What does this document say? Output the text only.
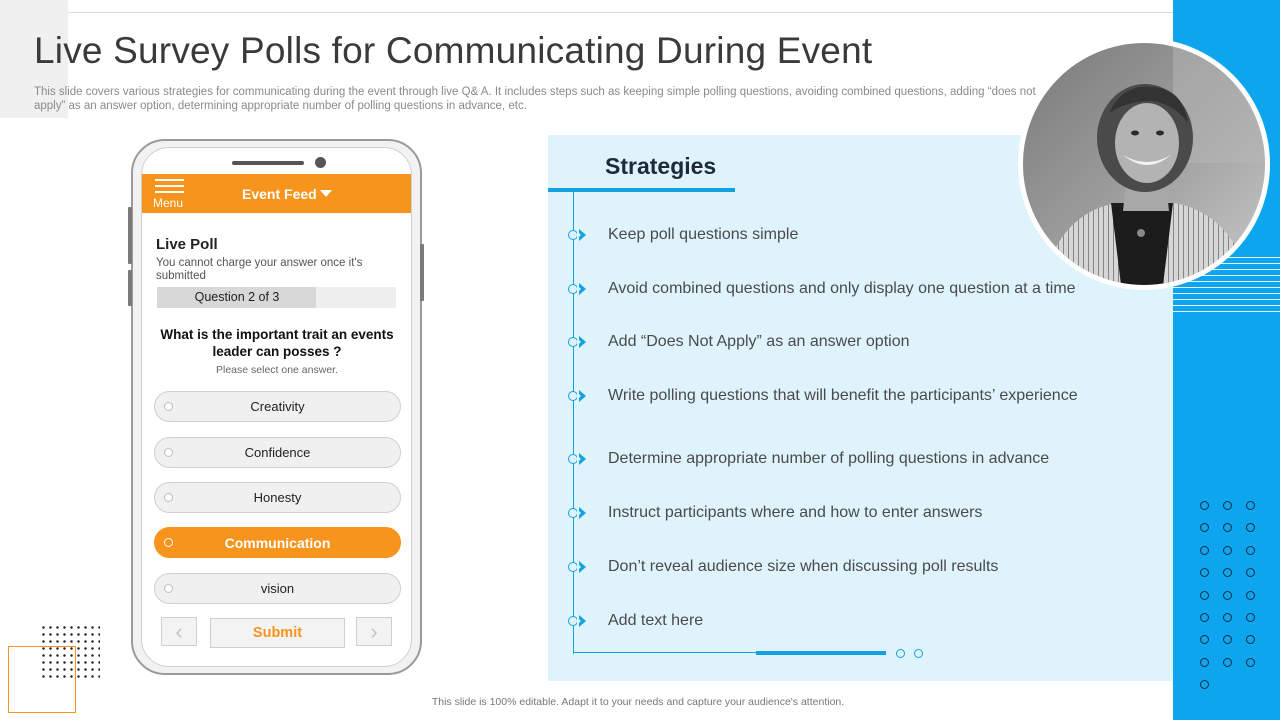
Live Survey Polls for Communicating During Event

This slide covers various strategies for communicating during the event through live Q& A. It includes steps such as keeping simple polling questions, avoiding combined questions, adding “does not apply” as an answer option, determining appropriate number of polling questions in advance, etc.

Menu
Event Feed
Live Poll
You cannot charge your answer once it's submitted
Question 2 of 3
What is the important trait an events leader can posses ?
Please select one answer.
Creativity
Confidence
Honesty
Communication
vision
‹	Submit	›
Strategies
Keep poll questions simple
Avoid combined questions and only display one question at a time
Add “Does Not Apply” as an answer option
Write polling questions that will benefit the participants’ experience
Determine appropriate number of polling questions in advance
Instruct participants where and how to enter answers
Don’t reveal audience size when discussing poll results
Add text here
This slide is 100% editable. Adapt it to your needs and capture your audience's attention.
